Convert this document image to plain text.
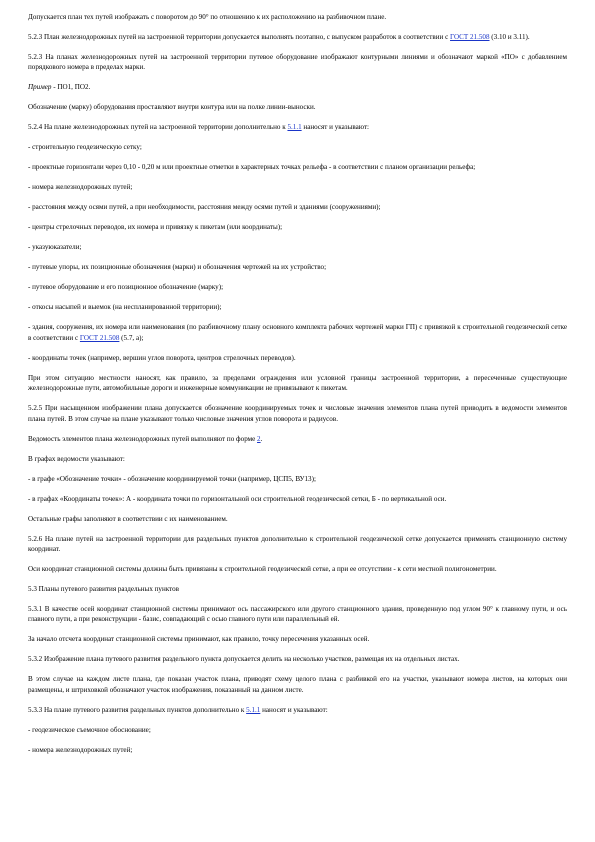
Допускается план тех путей изображать с поворотом до 90° по отношению к их расположению на разбивочном плане.

5.2.3 План железнодорожных путей на застроенной территории допускается выполнять поэтапно, с выпуском разработок в соответствии с ГОСТ 21.508 (3.10 и 3.11).

5.2.3 На планах железнодорожных путей на застроенной территории путевое оборудование изображают контурными линиями и обозначают маркой «ПО» с добавлением порядкового номера в пределах марки.

Пример - ПО1, ПО2.

Обозначение (марку) оборудования проставляют внутри контура или на полке линии-выноски.

5.2.4 На плане железнодорожных путей на застроенной территории дополнительно к 5.1.1 наносят и указывают:

- строительную геодезическую сетку;

- проектные горизонтали через 0,10 - 0,20 м или проектные отметки в характерных точках рельефа - в соответствии с планом организации рельефа;

- номера железнодорожных путей;

- расстояния между осями путей, а при необходимости, расстояния между осями путей и зданиями (сооружениями);

- центры стрелочных переводов, их номера и привязку к пикетам (или координаты);

- указуюказатели;

- путевые упоры, их позиционные обозначения (марки) и обозначения чертежей на их устройство;

- путевое оборудование и его позиционное обозначение (марку);

- откосы насыпей и выемок (на неспланированной территории);

- здания, сооружения, их номера или наименования (по разбивочному плану основного комплекта рабочих чертежей марки ГП) с привязкой к строительной геодезической сетке в соответствии с ГОСТ 21.508 (5.7, а);

- координаты точек (например, вершин углов поворота, центров стрелочных переводов).

При этом ситуацию местности наносят, как правило, за пределами ограждения или условной границы застроенной территории, а пересеченные существующие железнодорожные пути, автомобильные дороги и инженерные коммуникации не привязывают к пикетам.

5.2.5 При насыщенном изображении плана допускается обозначение координируемых точек и числовые значения элементов плана путей приводить в ведомости элементов плана путей. В этом случае на плане указывают только числовые значения углов поворота и радиусов.

Ведомость элементов плана железнодорожных путей выполняют по форме 2.

В графах ведомости указывают:

- в графе «Обозначение точки» - обозначение координируемой точки (например, ЦСП5, ВУ13);

- в графах «Координаты точек»: А - координата точки по горизонтальной оси строительной геодезической сетки, Б - по вертикальной оси.

Остальные графы заполняют в соответствии с их наименованием.

5.2.6 На плане путей на застроенной территории для раздельных пунктов дополнительно к строительной геодезической сетке допускается применять станционную систему координат.

Оси координат станционной системы должны быть привязаны к строительной геодезической сетке, а при ее отсутствии - к сети местной полигонометрии.

5.3 Планы путевого развития раздельных пунктов

5.3.1 В качестве осей координат станционной системы принимают ось пассажирского или другого станционного здания, проведенную под углом 90° к главному пути, и ось главного пути, а при реконструкции - базис, совпадающий с осью главного пути или параллельный ей.

За начало отсчета координат станционной системы принимают, как правило, точку пересечения указанных осей.

5.3.2 Изображение плана путевого развития раздельного пункта допускается делить на несколько участков, размещая их на отдельных листах.

В этом случае на каждом листе плана, где показан участок плана, приводят схему целого плана с разбивкой его на участки, указывают номера листов, на которых они размещены, и штриховкой обозначают участок изображения, показанный на данном листе.

5.3.3 На плане путевого развития раздельных пунктов дополнительно к 5.1.1 наносят и указывают:

- геодезическое съемочное обоснование;

- номера железнодорожных путей;
